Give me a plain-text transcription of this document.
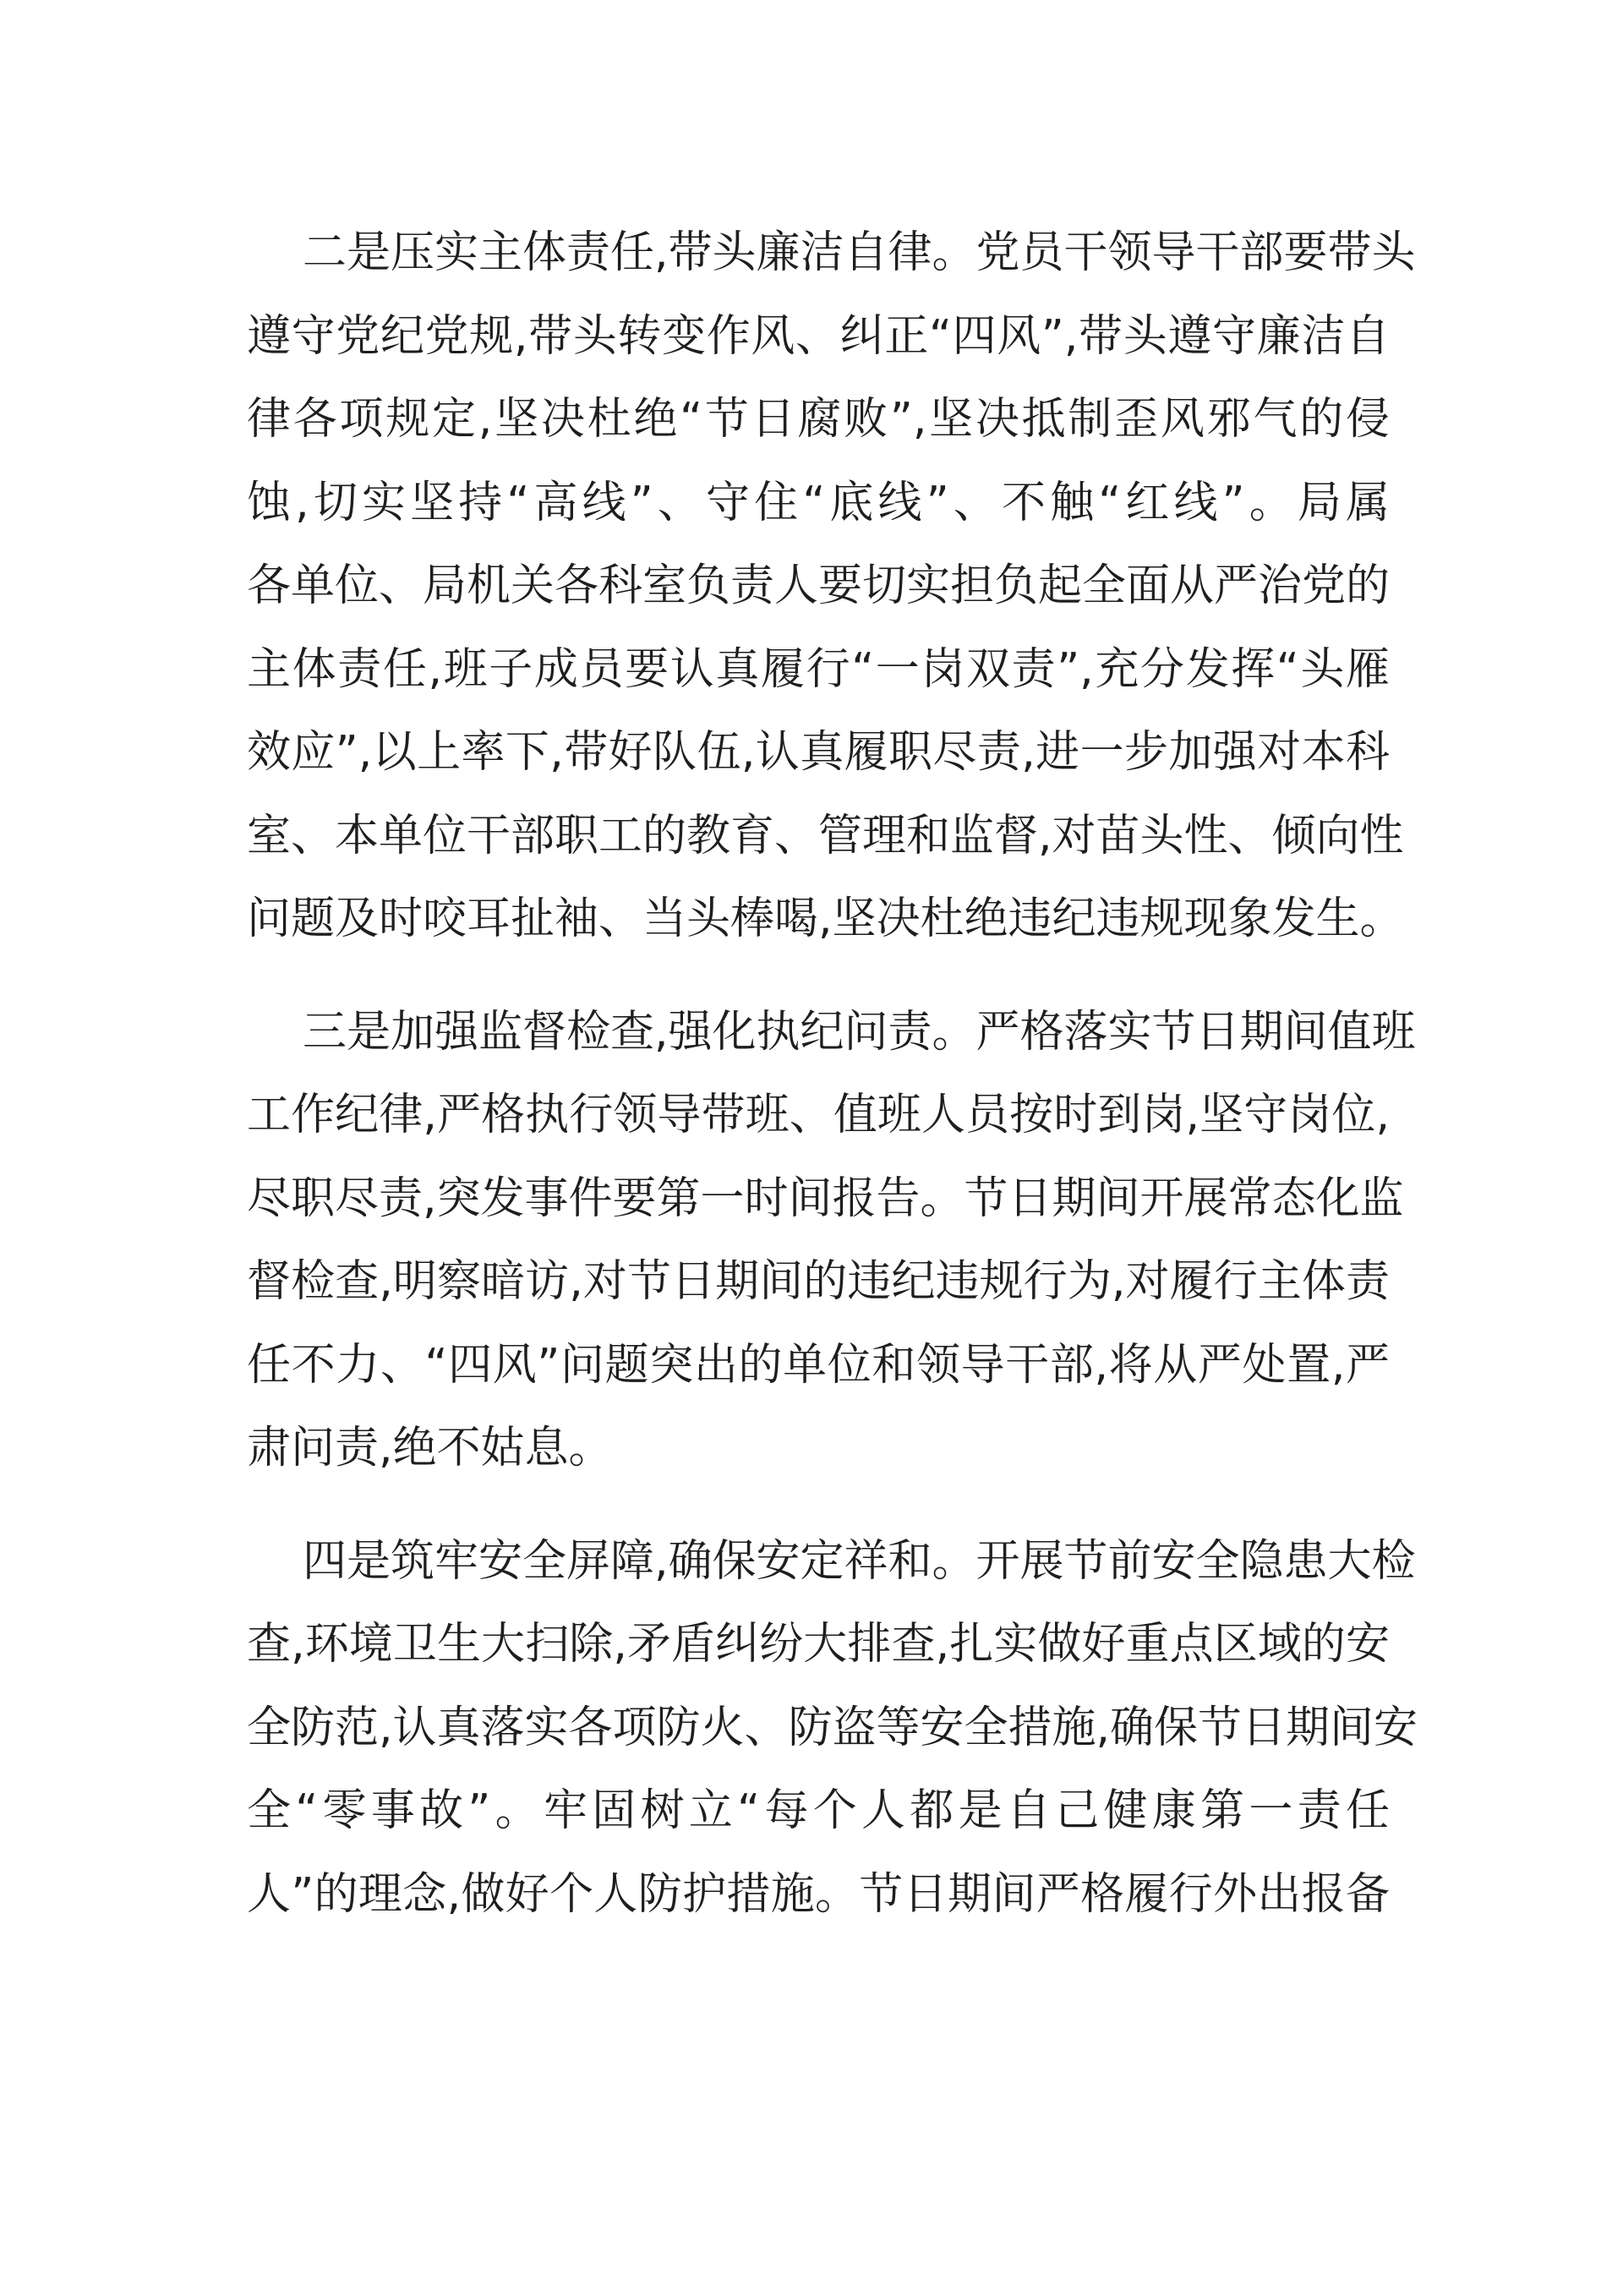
二是压实主体责任,带头廉洁自律。党员干领导干部要带头
遵守党纪党规,带头转变作风、纠正“四风”,带头遵守廉洁自
律各项规定,坚决杜绝“节日腐败”,坚决抵制歪风邪气的侵
蚀,切实坚持“高线”、守住“底线”、不触“红线”。局属
各单位、局机关各科室负责人要切实担负起全面从严治党的
主体责任,班子成员要认真履行“一岗双责”,充分发挥“头雁
效应”,以上率下,带好队伍,认真履职尽责,进一步加强对本科
室、本单位干部职工的教育、管理和监督,对苗头性、倾向性
问题及时咬耳扯袖、当头棒喝,坚决杜绝违纪违规现象发生。

三是加强监督检查,强化执纪问责。严格落实节日期间值班
工作纪律,严格执行领导带班、值班人员按时到岗,坚守岗位,
尽职尽责,突发事件要第一时间报告。节日期间开展常态化监
督检查,明察暗访,对节日期间的违纪违规行为,对履行主体责
任不力、“四风”问题突出的单位和领导干部,将从严处置,严
肃问责,绝不姑息。

四是筑牢安全屏障,确保安定祥和。开展节前安全隐患大检
查,环境卫生大扫除,矛盾纠纷大排查,扎实做好重点区域的安
全防范,认真落实各项防火、防盗等安全措施,确保节日期间安
全“零事故”。牢固树立“每个人都是自己健康第一责任
人”的理念,做好个人防护措施。节日期间严格履行外出报备
